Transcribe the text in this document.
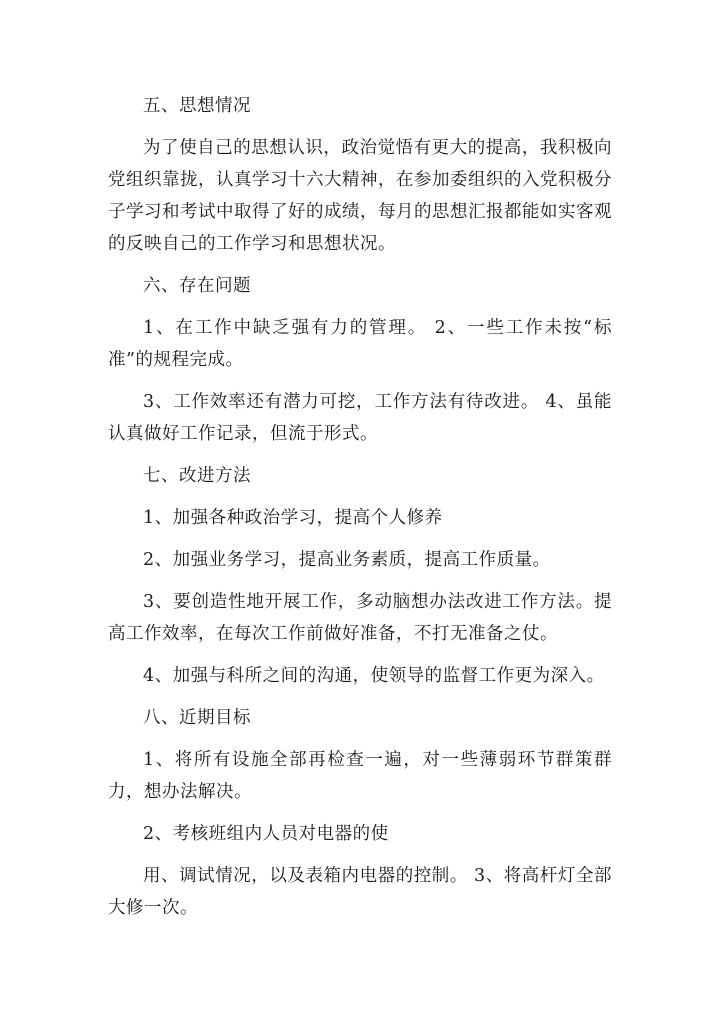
五、思想情况

为了使自己的思想认识，政治觉悟有更大的提高，我积极向党组织靠拢，认真学习十六大精神，在参加委组织的入党积极分子学习和考试中取得了好的成绩，每月的思想汇报都能如实客观的反映自己的工作学习和思想状况。

六、存在问题

1、在工作中缺乏强有力的管理。 2、一些工作未按“标准”的规程完成。

3、工作效率还有潜力可挖，工作方法有待改进。 4、虽能认真做好工作记录，但流于形式。

七、改进方法

1、加强各种政治学习，提高个人修养

2、加强业务学习，提高业务素质，提高工作质量。

3、要创造性地开展工作，多动脑想办法改进工作方法。提高工作效率，在每次工作前做好准备，不打无准备之仗。

4、加强与科所之间的沟通，使领导的监督工作更为深入。

八、近期目标

1、将所有设施全部再检查一遍，对一些薄弱环节群策群力，想办法解决。

2、考核班组内人员对电器的使

用、调试情况，以及表箱内电器的控制。 3、将高杆灯全部大修一次。
